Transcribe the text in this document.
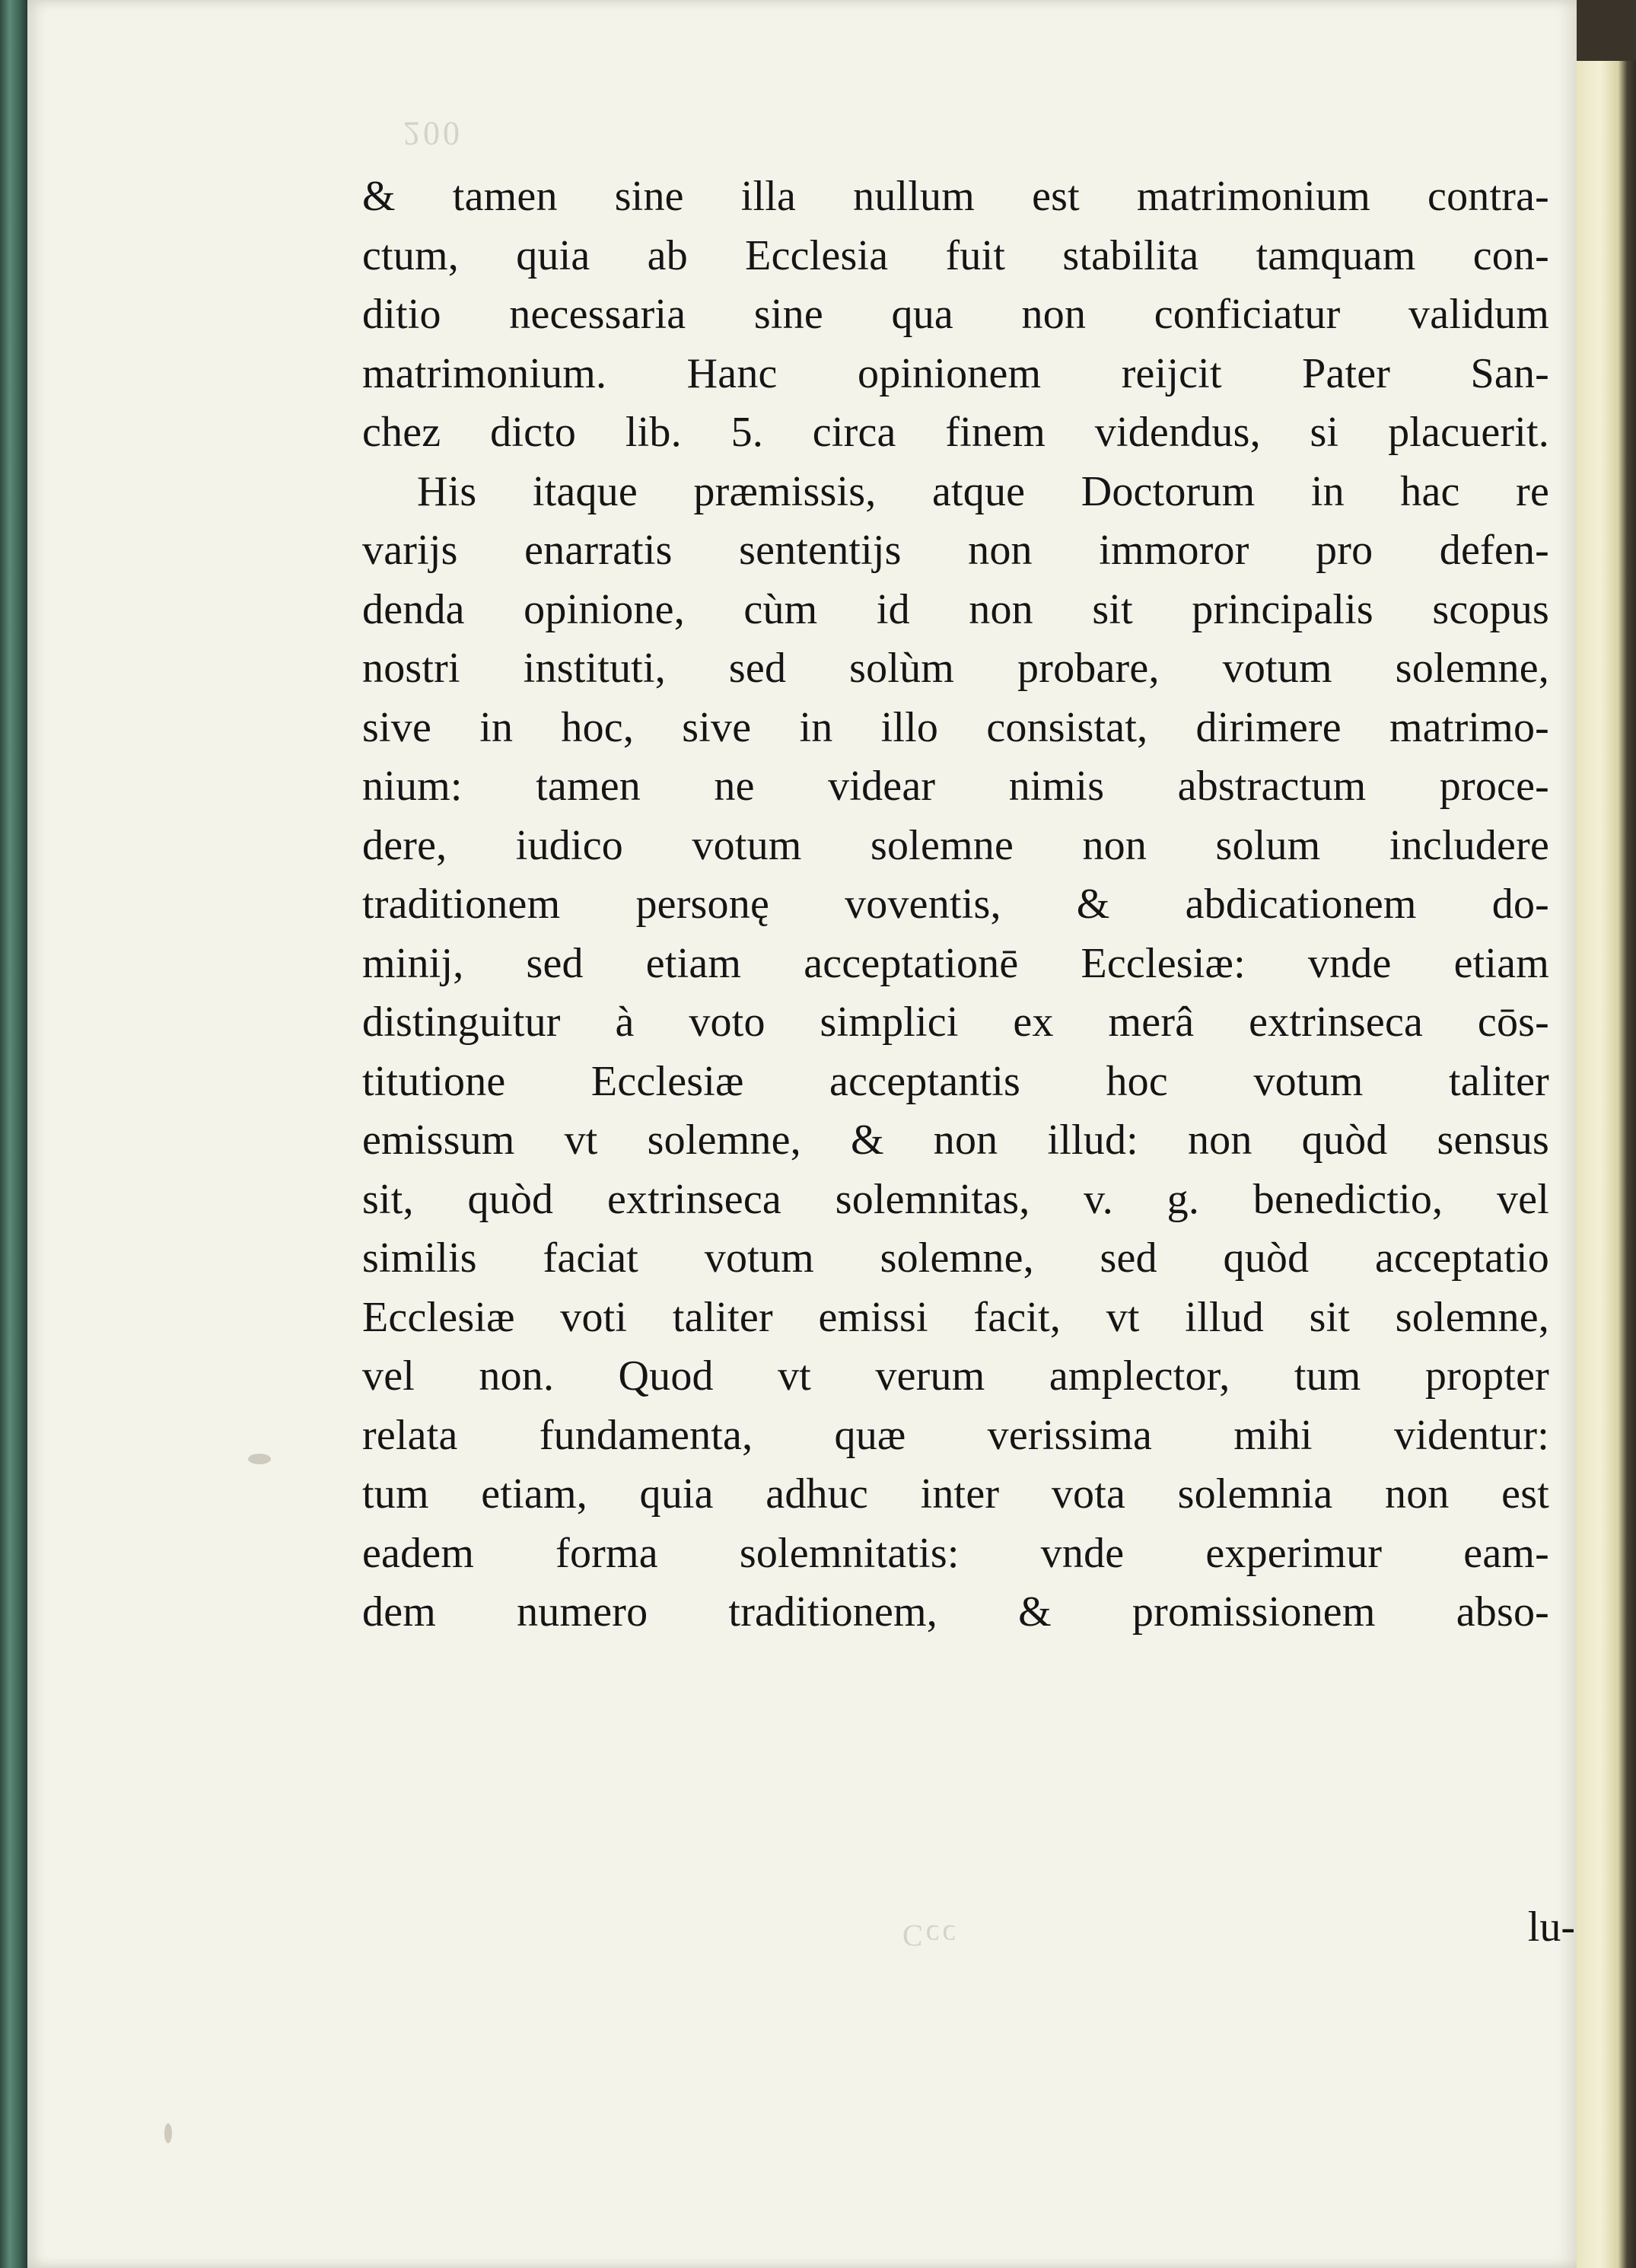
200
Ccc
& tamen sine illa nullum est matrimonium contra-
ctum, quia ab Ecclesia fuit stabilita tamquam con-
ditio necessaria sine qua non conficiatur validum
matrimonium. Hanc opinionem reijcit Pater San-
chez dicto lib. 5. circa finem videndus, si placuerit.
His itaque præmissis, atque Doctorum in hac re
varijs enarratis sententijs non immoror pro defen-
denda opinione, cùm id non sit principalis scopus
nostri instituti, sed solùm probare, votum solemne,
sive in hoc, sive in illo consistat, dirimere matrimo-
nium: tamen ne videar nimis abstractum proce-
dere, iudico votum solemne non solum includere
traditionem personę voventis, & abdicationem do-
minij, sed etiam acceptationē Ecclesiæ: vnde etiam
distinguitur à voto simplici ex merâ extrinseca cōs-
titutione Ecclesiæ acceptantis hoc votum taliter
emissum vt solemne, & non illud: non quòd sensus
sit, quòd extrinseca solemnitas, v. g. benedictio, vel
similis faciat votum solemne, sed quòd acceptatio
Ecclesiæ voti taliter emissi facit, vt illud sit solemne,
vel non. Quod vt verum amplector, tum propter
relata fundamenta, quæ verissima mihi videntur:
tum etiam, quia adhuc inter vota solemnia non est
eadem forma solemnitatis: vnde experimur eam-
dem numero traditionem, & promissionem abso-
lu-
